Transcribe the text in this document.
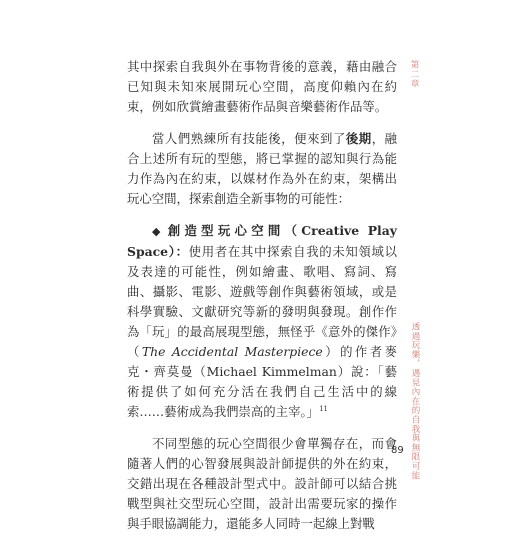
其中探索自我與外在事物背後的意義，藉由融合已知與未知來展開玩心空間，高度仰賴內在約束，例如欣賞繪畫藝術作品與音樂藝術作品等。

當人們熟練所有技能後，便來到了後期，融合上述所有玩的型態，將已掌握的認知與行為能力作為內在約束，以媒材作為外在約束，架構出玩心空間，探索創造全新事物的可能性：

◆ 創造型玩心空間（Creative Play Space）：使用者在其中探索自我的未知領域以及表達的可能性，例如繪畫、歌唱、寫詞、寫曲、攝影、電影、遊戲等創作與藝術領域，或是科學實驗、文獻研究等新的發明與發現。創作作為「玩」的最高展現型態，無怪乎《意外的傑作》（The Accidental Masterpiece）的作者麥克・齊莫曼（Michael Kimmelman）說：「藝術提供了如何充分活在我們自己生活中的線索……藝術成為我們崇高的主宰。」$^{11}$

不同型態的玩心空間很少會單獨存在，而會隨著人們的心智發展與設計師提供的外在約束，交錯出現在各種設計型式中。設計師可以結合挑戰型與社交型玩心空間，設計出需要玩家的操作與手眼協調能力，還能多人同時一起線上對戰

第二章
透過玩樂，遇見內在的自我與無限可能
89
